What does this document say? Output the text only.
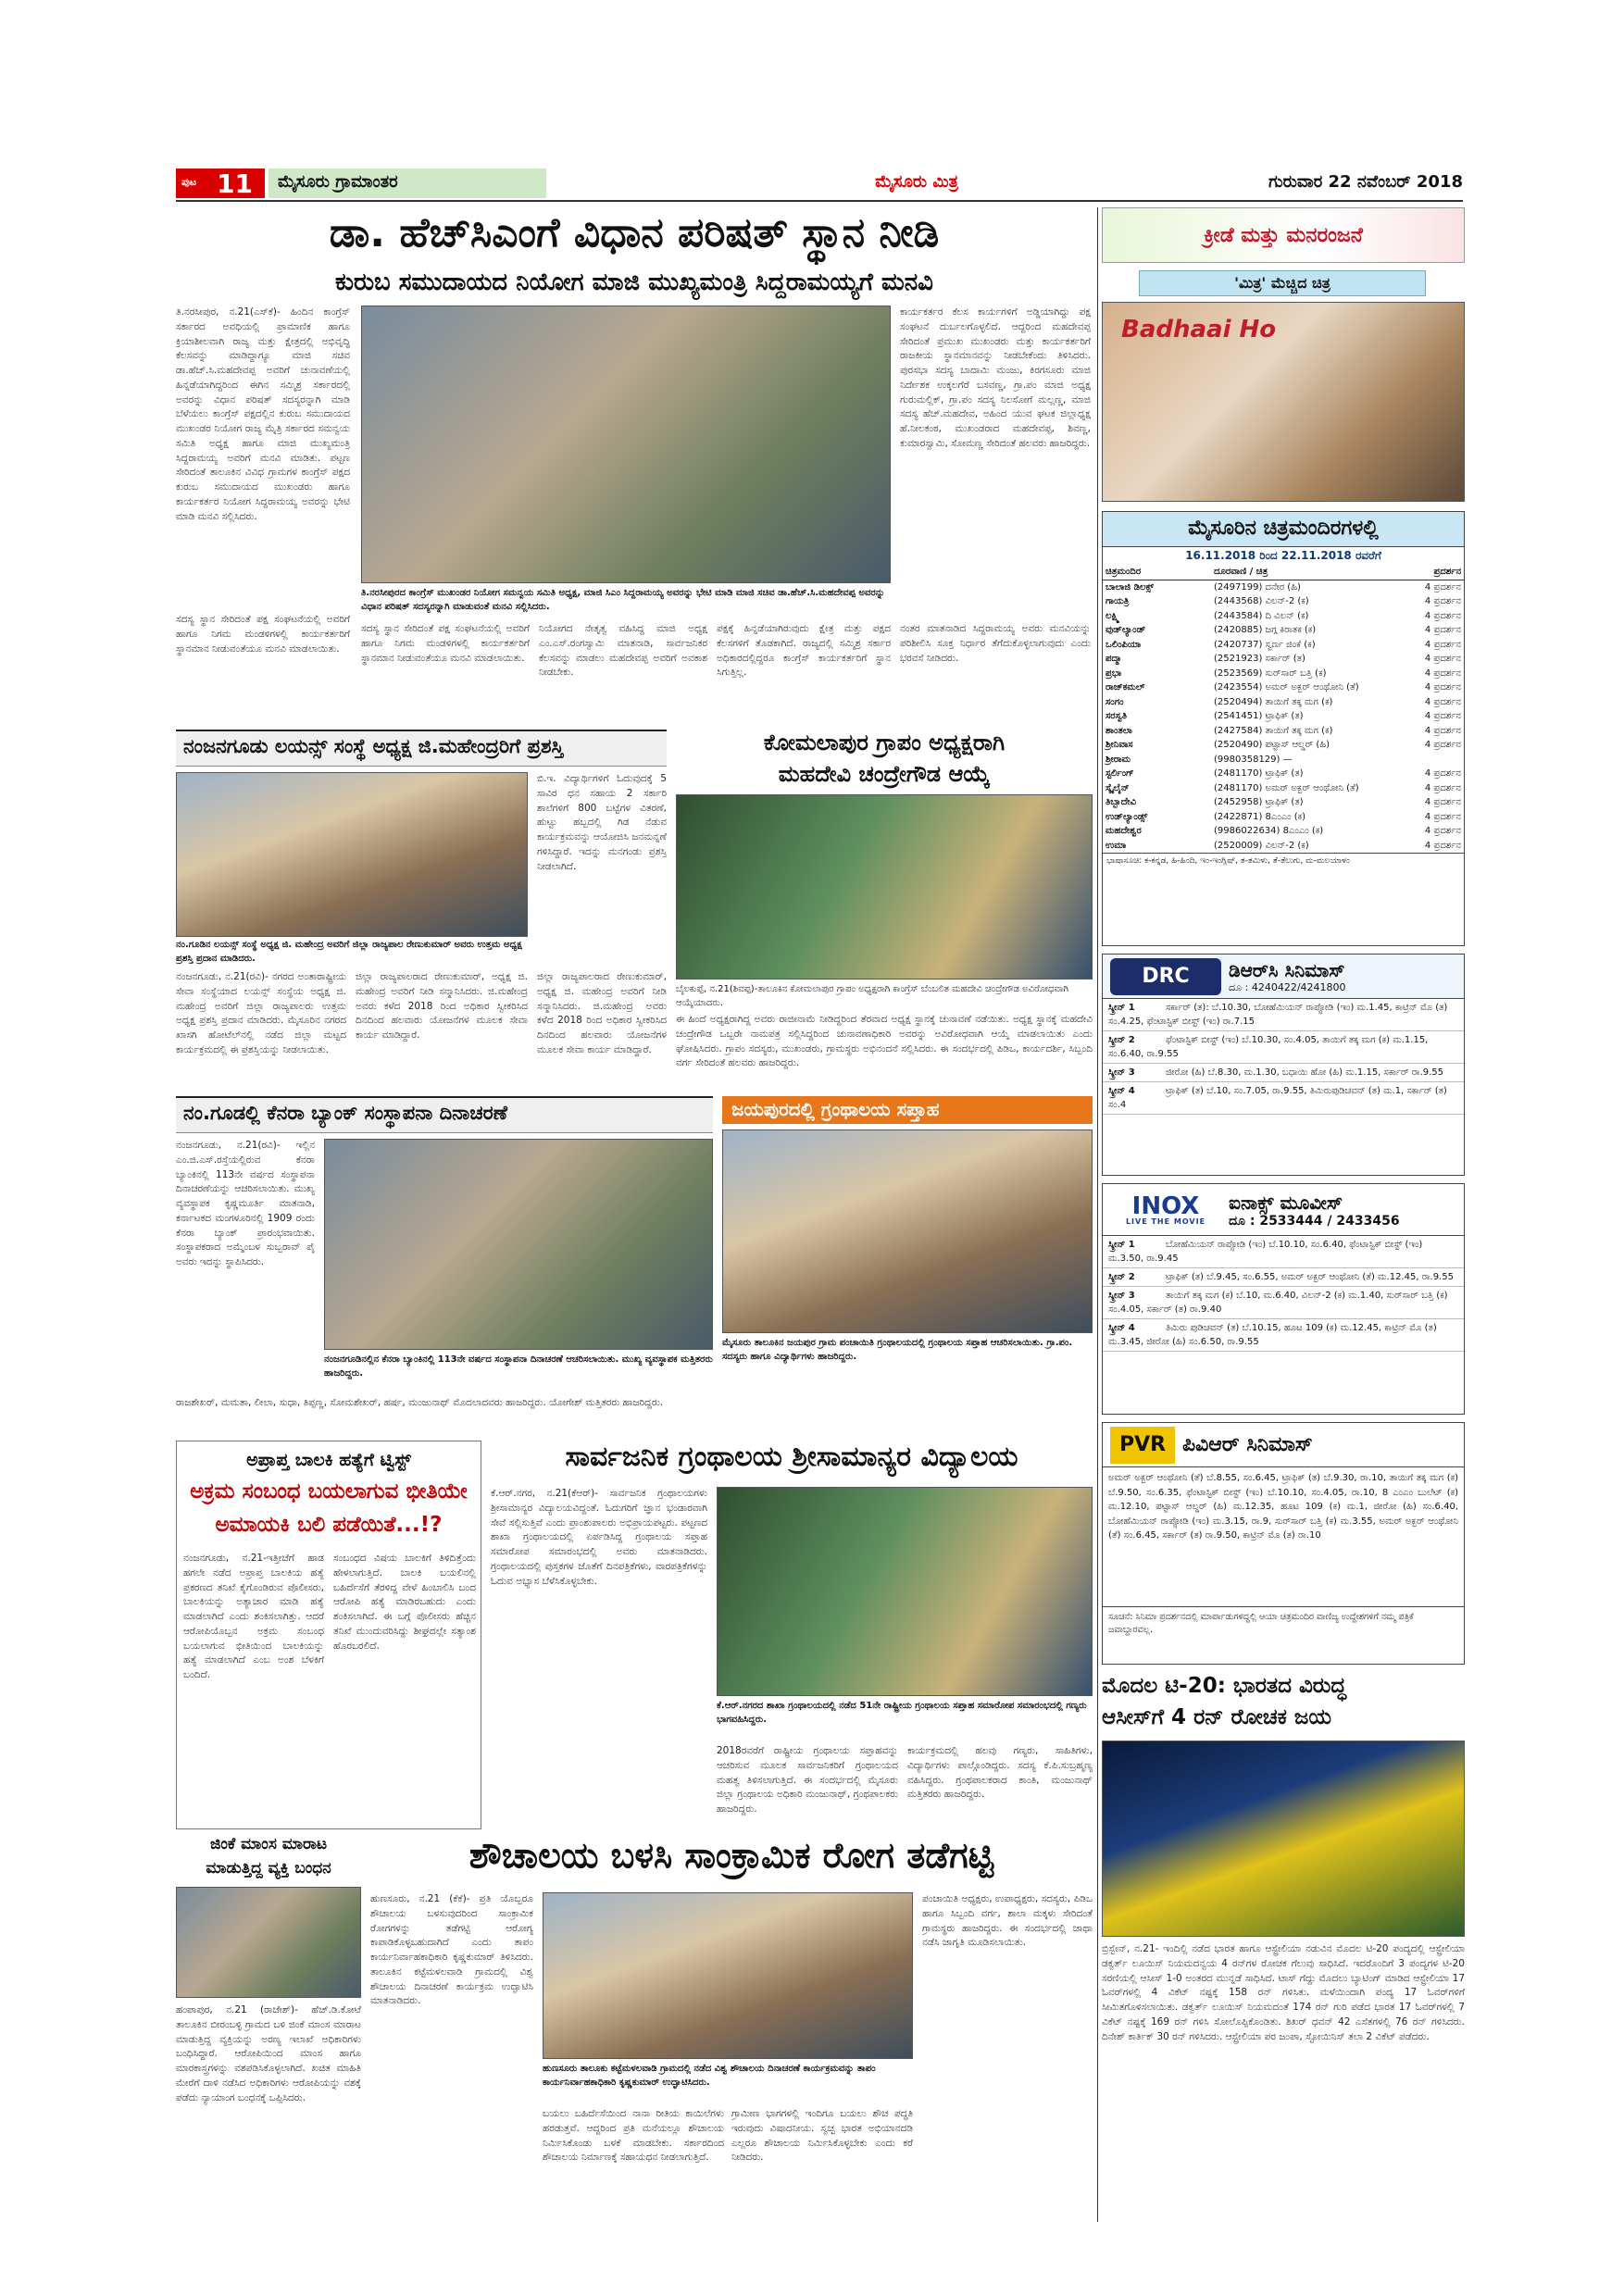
ಪುಟ 11	ಮೈಸೂರು ಗ್ರಾಮಾಂತರ	ಮೈಸೂರು ಮಿತ್ರ	ಗುರುವಾರ 22 ನವೆಂಬರ್ 2018
ಡಾ. ಹೆಚ್‌ಸಿಎಂಗೆ ವಿಧಾನ ಪರಿಷತ್ ಸ್ಥಾನ ನೀಡಿ
ಕುರುಬ ಸಮುದಾಯದ ನಿಯೋಗ ಮಾಜಿ ಮುಖ್ಯಮಂತ್ರಿ ಸಿದ್ದರಾಮಯ್ಯಗೆ ಮನವಿ
ತಿ.ನರಸೀಪುರ, ನ.21(ಎಸ್‌ಕೆ)- ಹಿಂದಿನ ಕಾಂಗ್ರೆಸ್ ಸರ್ಕಾರದ ಅವಧಿಯಲ್ಲಿ ಪ್ರಾಮಾಣಿಕ ಹಾಗೂ ಕ್ರಿಯಾಶೀಲವಾಗಿ ರಾಜ್ಯ ಮತ್ತು ಕ್ಷೇತ್ರದಲ್ಲಿ ಅಭಿವೃದ್ಧಿ ಕೆಲಸವನ್ನು ಮಾಡಿದ್ದಾಗ್ಯೂ ಮಾಜಿ ಸಚಿವ ಡಾ.ಹೆಚ್.ಸಿ.ಮಹದೇವಪ್ಪ ಅವರಿಗೆ ಚುನಾವಣೆಯಲ್ಲಿ ಹಿನ್ನಡೆಯಾಗಿದ್ದರಿಂದ ಈಗಿನ ಸಮ್ಮಿಶ್ರ ಸರ್ಕಾರದಲ್ಲಿ ಅವರನ್ನು ವಿಧಾನ ಪರಿಷತ್ ಸದಸ್ಯರನ್ನಾಗಿ ಮಾಡಿ ಬೆಳೆಯಲು ಕಾಂಗ್ರೆಸ್ ಪಕ್ಷದಲ್ಲಿನ ಕುರುಬ ಸಮುದಾಯದ ಮುಖಂಡರ ನಿಯೋಗ ರಾಜ್ಯ ಮೈತ್ರಿ ಸರ್ಕಾರದ ಸಮನ್ವಯ ಸಮಿತಿ ಅಧ್ಯಕ್ಷ ಹಾಗೂ ಮಾಜಿ ಮುಖ್ಯಮಂತ್ರಿ ಸಿದ್ದರಾಮಯ್ಯ ಅವರಿಗೆ ಮನವಿ ಮಾಡಿತು. ಪಟ್ಟಣ ಸೇರಿದಂತೆ ತಾಲೂಕಿನ ವಿವಿಧ ಗ್ರಾಮಗಳ ಕಾಂಗ್ರೆಸ್ ಪಕ್ಷದ ಕುರುಬ ಸಮುದಾಯದ ಮುಖಂಡರು ಹಾಗೂ ಕಾರ್ಯಕರ್ತರ ನಿಯೋಗ ಸಿದ್ದರಾಮಯ್ಯ ಅವರನ್ನು ಭೇಟಿ ಮಾಡಿ ಮನವಿ ಸಲ್ಲಿಸಿದರು.
ತಿ.ನರಸೀಪುರದ ಕಾಂಗ್ರೆಸ್ ಮುಖಂಡರ ನಿಯೋಗ ಸಮನ್ವಯ ಸಮಿತಿ ಅಧ್ಯಕ್ಷ, ಮಾಜಿ ಸಿಎಂ ಸಿದ್ದರಾಮಯ್ಯ ಅವರನ್ನು ಭೇಟಿ ಮಾಡಿ ಮಾಜಿ ಸಚಿವ ಡಾ.ಹೆಚ್.ಸಿ.ಮಹದೇವಪ್ಪ ಅವರನ್ನು ವಿಧಾನ ಪರಿಷತ್ ಸದಸ್ಯರನ್ನಾಗಿ ಮಾಡುವಂತೆ ಮನವಿ ಸಲ್ಲಿಸಿದರು.
ಕಾರ್ಯಕರ್ತರ ಕೆಲಸ ಕಾರ್ಯಗಳಿಗೆ ಅಡ್ಡಿಯಾಗಿದ್ದು ಪಕ್ಷ ಸಂಘಟನೆ ದುರ್ಬಲಗೊಳ್ಳಲಿದೆ. ಆದ್ದರಿಂದ ಮಹದೇವಪ್ಪ ಸೇರಿದಂತೆ ಪ್ರಮುಖ ಮುಖಂಡರು ಮತ್ತು ಕಾರ್ಯಕರ್ತರಿಗೆ ರಾಜಕೀಯ ಸ್ಥಾನಮಾನವನ್ನು ನೀಡಬೇಕೆಂದು ತಿಳಿಸಿದರು. ಪುರಸಭಾ ಸದಸ್ಯ ಬಾದಾಮಿ ಮಂಜು, ಕಿರಗಸೂರು ಮಾಜಿ ನಿರ್ದೇಶಕ ಉಕ್ಕಲಗೆರೆ ಬಸವಣ್ಣ, ಗ್ರಾ.ಪಂ ಮಾಜಿ ಅಧ್ಯಕ್ಷ ಗುರುಮಲ್ಲಿಕ್, ಗ್ರಾ.ಪಂ ಸದಸ್ಯ ನಿಲಸೋಗೆ ಮಲ್ಲಣ್ಣ, ಮಾಜಿ ಸದಸ್ಯ ಹೆಚ್.ಮಹದೇವ, ಅಹಿಂದ ಯುವ ಘಟಕ ಜಿಲ್ಲಾಧ್ಯಕ್ಷ ಹೆ.ನೀಲಕಂಠ, ಮುಖಂಡರಾದ ಮಹದೇವಪ್ಪ, ಶಿವಣ್ಣ, ಕುಮಾರಸ್ವಾಮಿ, ಸೋಮಣ್ಣ ಸೇರಿದಂತೆ ಹಲವರು ಹಾಜರಿದ್ದರು.
ಸದಸ್ಯ ಸ್ಥಾನ ಸೇರಿದಂತೆ ಪಕ್ಷ ಸಂಘಟನೆಯಲ್ಲಿ ಅವರಿಗೆ ಹಾಗೂ ನಿಗಮ ಮಂಡಳಿಗಳಲ್ಲಿ ಕಾರ್ಯಕರ್ತರಿಗೆ ಸ್ಥಾನಮಾನ ನೀಡುವಂತೆಯೂ ಮನವಿ ಮಾಡಲಾಯಿತು.
ಸದಸ್ಯ ಸ್ಥಾನ ಸೇರಿದಂತೆ ಪಕ್ಷ ಸಂಘಟನೆಯಲ್ಲಿ ಅವರಿಗೆ ಹಾಗೂ ನಿಗಮ ಮಂಡಳಿಗಳಲ್ಲಿ ಕಾರ್ಯಕರ್ತರಿಗೆ ಸ್ಥಾನಮಾನ ನೀಡುವಂತೆಯೂ ಮನವಿ ಮಾಡಲಾಯಿತು.
ನಿಯೋಗದ ನೇತೃತ್ವ ವಹಿಸಿದ್ದ ಮಾಜಿ ಅಧ್ಯಕ್ಷ ಎಂ.ಎಸ್.ರಂಗಸ್ವಾಮಿ ಮಾತನಾಡಿ, ಸಾರ್ವಜನಿಕರ ಕೆಲಸವನ್ನು ಮಾಡಲು ಮಹದೇವಪ್ಪ ಅವರಿಗೆ ಅವಕಾಶ ನೀಡಬೇಕು.
ಪಕ್ಷಕ್ಕೆ ಹಿನ್ನಡೆಯಾಗಿರುವುದು ಕ್ಷೇತ್ರ ಮತ್ತು ಪಕ್ಷದ ಕೆಲಸಗಳಿಗೆ ತೊಡಕಾಗಿದೆ. ರಾಜ್ಯದಲ್ಲಿ ಸಮ್ಮಿಶ್ರ ಸರ್ಕಾರ ಅಧಿಕಾರದಲ್ಲಿದ್ದರೂ ಕಾಂಗ್ರೆಸ್ ಕಾರ್ಯಕರ್ತರಿಗೆ ಸ್ಥಾನ ಸಿಗುತ್ತಿಲ್ಲ.
ನಂತರ ಮಾತನಾಡಿದ ಸಿದ್ದರಾಮಯ್ಯ ಅವರು ಮನವಿಯನ್ನು ಪರಿಶೀಲಿಸಿ ಸೂಕ್ತ ನಿರ್ಧಾರ ತೆಗೆದುಕೊಳ್ಳಲಾಗುವುದು ಎಂದು ಭರವಸೆ ನೀಡಿದರು.
ನಂಜನಗೂಡು ಲಯನ್ಸ್ ಸಂಸ್ಥೆ ಅಧ್ಯಕ್ಷ ಜಿ.ಮಹೇಂದ್ರರಿಗೆ ಪ್ರಶಸ್ತಿ
ನಂ.ಗೂಡಿನ ಲಯನ್ಸ್ ಸಂಸ್ಥೆ ಅಧ್ಯಕ್ಷ ಜಿ. ಮಹೇಂದ್ರ ಅವರಿಗೆ ಜಿಲ್ಲಾ ರಾಜ್ಯಪಾಲ ರೇಣುಕುಮಾರ್ ಅವರು ಉತ್ತಮ ಅಧ್ಯಕ್ಷ ಪ್ರಶಸ್ತಿ ಪ್ರದಾನ ಮಾಡಿದರು.
ಬಿ.ಇ. ವಿದ್ಯಾರ್ಥಿಗಳಿಗೆ ಓದುವುದಕ್ಕೆ 5 ಸಾವಿರ ಧನ ಸಹಾಯ 2 ಸರ್ಕಾರಿ ಶಾಲೆಗಳಿಗೆ 800 ಬಟ್ಟೆಗಳ ವಿತರಣೆ, ಹುಟ್ಟು ಹಬ್ಬದಲ್ಲಿ ಗಿಡ ನೆಡುವ ಕಾರ್ಯಕ್ರಮವನ್ನು ಆಯೋಜಿಸಿ ಜನಮನ್ನಣೆ ಗಳಿಸಿದ್ದಾರೆ. ಇದನ್ನು ಮನಗಂಡು ಪ್ರಶಸ್ತಿ ನೀಡಲಾಗಿದೆ.
ನಂಜನಗೂಡು, ನ.21(ರವಿ)- ನಗರದ ಅಂತಾರಾಷ್ಟ್ರೀಯ ಸೇವಾ ಸಂಸ್ಥೆಯಾದ ಲಯನ್ಸ್ ಸಂಸ್ಥೆಯ ಅಧ್ಯಕ್ಷ ಜಿ. ಮಹೇಂದ್ರ ಅವರಿಗೆ ಜಿಲ್ಲಾ ರಾಜ್ಯಪಾಲರು ಉತ್ತಮ ಅಧ್ಯಕ್ಷ ಪ್ರಶಸ್ತಿ ಪ್ರದಾನ ಮಾಡಿದರು. ಮೈಸೂರಿನ ನಗರದ ಖಾಸಗಿ ಹೋಟೆಲ್‌ನಲ್ಲಿ ನಡೆದ ಜಿಲ್ಲಾ ಮಟ್ಟದ ಕಾರ್ಯಕ್ರಮದಲ್ಲಿ ಈ ಪ್ರಶಸ್ತಿಯನ್ನು ನೀಡಲಾಯಿತು.
ಜಿಲ್ಲಾ ರಾಜ್ಯಪಾಲರಾದ ರೇಣುಕುಮಾರ್, ಅಧ್ಯಕ್ಷ ಜಿ. ಮಹೇಂದ್ರ ಅವರಿಗೆ ನೀಡಿ ಸನ್ಮಾನಿಸಿದರು. ಜಿ.ಮಹೇಂದ್ರ ಅವರು ಕಳೆದ 2018 ರಿಂದ ಅಧಿಕಾರ ಸ್ವೀಕರಿಸಿದ ದಿನದಿಂದ ಹಲವಾರು ಯೋಜನೆಗಳ ಮೂಲಕ ಸೇವಾ ಕಾರ್ಯ ಮಾಡಿದ್ದಾರೆ.
ಜಿಲ್ಲಾ ರಾಜ್ಯಪಾಲರಾದ ರೇಣುಕುಮಾರ್, ಅಧ್ಯಕ್ಷ ಜಿ. ಮಹೇಂದ್ರ ಅವರಿಗೆ ನೀಡಿ ಸನ್ಮಾನಿಸಿದರು. ಜಿ.ಮಹೇಂದ್ರ ಅವರು ಕಳೆದ 2018 ರಿಂದ ಅಧಿಕಾರ ಸ್ವೀಕರಿಸಿದ ದಿನದಿಂದ ಹಲವಾರು ಯೋಜನೆಗಳ ಮೂಲಕ ಸೇವಾ ಕಾರ್ಯ ಮಾಡಿದ್ದಾರೆ.
ಕೋಮಲಾಪುರ ಗ್ರಾಪಂ ಅಧ್ಯಕ್ಷರಾಗಿ
ಮಹದೇವಿ ಚಂದ್ರೇಗೌಡ ಆಯ್ಕೆ
ಬೈಲಕುಪ್ಪೆ, ನ.21(ಶಿವಪ್ಪ)-ತಾಲೂಕಿನ ಕೋಮಲಾಪುರ ಗ್ರಾಪಂ ಅಧ್ಯಕ್ಷರಾಗಿ ಕಾಂಗ್ರೆಸ್ ಬೆಂಬಲಿತ ಮಹದೇವಿ ಚಂದ್ರೇಗೌಡ ಅವಿರೋಧವಾಗಿ ಆಯ್ಕೆಯಾದರು.
ಈ ಹಿಂದೆ ಅಧ್ಯಕ್ಷರಾಗಿದ್ದ ಅವರು ರಾಜೀನಾಮೆ ನೀಡಿದ್ದರಿಂದ ತೆರವಾದ ಅಧ್ಯಕ್ಷ ಸ್ಥಾನಕ್ಕೆ ಚುನಾವಣೆ ನಡೆಯಿತು. ಅಧ್ಯಕ್ಷ ಸ್ಥಾನಕ್ಕೆ ಮಹದೇವಿ ಚಂದ್ರೇಗೌಡ ಒಬ್ಬರೇ ನಾಮಪತ್ರ ಸಲ್ಲಿಸಿದ್ದರಿಂದ ಚುನಾವಣಾಧಿಕಾರಿ ಅವರನ್ನು ಅವಿರೋಧವಾಗಿ ಆಯ್ಕೆ ಮಾಡಲಾಯಿತು ಎಂದು ಘೋಷಿಸಿದರು. ಗ್ರಾಪಂ ಸದಸ್ಯರು, ಮುಖಂಡರು, ಗ್ರಾಮಸ್ಥರು ಅಭಿನಂದನೆ ಸಲ್ಲಿಸಿದರು. ಈ ಸಂದರ್ಭದಲ್ಲಿ ಪಿಡಿಒ, ಕಾರ್ಯದರ್ಶಿ, ಸಿಬ್ಬಂದಿ ವರ್ಗ ಸೇರಿದಂತೆ ಹಲವರು ಹಾಜರಿದ್ದರು.
ನಂ.ಗೂಡಲ್ಲಿ ಕೆನರಾ ಬ್ಯಾಂಕ್ ಸಂಸ್ಥಾಪನಾ ದಿನಾಚರಣೆ
ನಂಜನಗೂಡು, ನ.21(ರವಿ)- ಇಲ್ಲಿನ ಎಂ.ಜಿ.ಎಸ್.ರಸ್ತೆಯಲ್ಲಿರುವ ಕೆನರಾ ಬ್ಯಾಂಕಿನಲ್ಲಿ 113ನೇ ವರ್ಷದ ಸಂಸ್ಥಾಪನಾ ದಿನಾಚರಣೆಯನ್ನು ಆಚರಿಸಲಾಯಿತು. ಮುಖ್ಯ ವ್ಯವಸ್ಥಾಪಕ ಕೃಷ್ಣಮೂರ್ತಿ ಮಾತನಾಡಿ, ಕರ್ನಾಟಕದ ಮಂಗಳೂರಿನಲ್ಲಿ 1909 ರಂದು ಕೆನರಾ ಬ್ಯಾಂಕ್ ಪ್ರಾರಂಭವಾಯಿತು. ಸಂಸ್ಥಾಪಕರಾದ ಅಮ್ಮೆಂಬಳ ಸುಬ್ಬರಾವ್ ಪೈ ಅವರು ಇದನ್ನು ಸ್ಥಾಪಿಸಿದರು.
ನಂಜನಗೂಡಿನಲ್ಲಿನ ಕೆನರಾ ಬ್ಯಾಂಕಿನಲ್ಲಿ 113ನೇ ವರ್ಷದ ಸಂಸ್ಥಾಪನಾ ದಿನಾಚರಣೆ ಆಚರಿಸಲಾಯಿತು. ಮುಖ್ಯ ವ್ಯವಸ್ಥಾಪಕ ಮತ್ತಿತರರು ಹಾಜರಿದ್ದರು.
ರಾಜಶೇಖರ್, ಮಮತಾ, ಲೀಲಾ, ಸುಧಾ, ತಿಪ್ಪಣ್ಣ, ಸೋಮಶೇಖರ್, ಹರ್ಷ, ಮಂಜುನಾಥ್ ಮೊದಲಾದವರು ಹಾಜರಿದ್ದರು. ಯೋಗೇಶ್ ಮತ್ತಿತರರು ಹಾಜರಿದ್ದರು.
ಜಯಪುರದಲ್ಲಿ ಗ್ರಂಥಾಲಯ ಸಪ್ತಾಹ
ಮೈಸೂರು ತಾಲೂಕಿನ ಜಯಪುರ ಗ್ರಾಮ ಪಂಚಾಯಿತಿ ಗ್ರಂಥಾಲಯದಲ್ಲಿ ಗ್ರಂಥಾಲಯ ಸಪ್ತಾಹ ಆಚರಿಸಲಾಯಿತು. ಗ್ರಾ.ಪಂ. ಸದಸ್ಯರು ಹಾಗೂ ವಿದ್ಯಾರ್ಥಿಗಳು ಹಾಜರಿದ್ದರು.
ಸಾರ್ವಜನಿಕ ಗ್ರಂಥಾಲಯ ಶ್ರೀಸಾಮಾನ್ಯರ ವಿದ್ಯಾಲಯ
ಕೆ.ಆರ್.ನಗರ, ನ.21(ಕೆಆರ್)- ಸಾರ್ವಜನಿಕ ಗ್ರಂಥಾಲಯಗಳು ಶ್ರೀಸಾಮಾನ್ಯರ ವಿದ್ಯಾಲಯವಿದ್ದಂತೆ. ಓದುಗರಿಗೆ ಜ್ಞಾನ ಭಂಡಾರವಾಗಿ ಸೇವೆ ಸಲ್ಲಿಸುತ್ತಿವೆ ಎಂದು ಪ್ರಾಂಶುಪಾಲರು ಅಭಿಪ್ರಾಯಪಟ್ಟರು. ಪಟ್ಟಣದ ಶಾಖಾ ಗ್ರಂಥಾಲಯದಲ್ಲಿ ಏರ್ಪಡಿಸಿದ್ದ ಗ್ರಂಥಾಲಯ ಸಪ್ತಾಹ ಸಮಾರೋಪ ಸಮಾರಂಭದಲ್ಲಿ ಅವರು ಮಾತನಾಡಿದರು. ಗ್ರಂಥಾಲಯದಲ್ಲಿ ಪುಸ್ತಕಗಳ ಜೊತೆಗೆ ದಿನಪತ್ರಿಕೆಗಳು, ವಾರಪತ್ರಿಕೆಗಳನ್ನು ಓದುವ ಅಭ್ಯಾಸ ಬೆಳೆಸಿಕೊಳ್ಳಬೇಕು.
ಕೆ.ಆರ್.ನಗರದ ಶಾಖಾ ಗ್ರಂಥಾಲಯದಲ್ಲಿ ನಡೆದ 51ನೇ ರಾಷ್ಟ್ರೀಯ ಗ್ರಂಥಾಲಯ ಸಪ್ತಾಹ ಸಮಾರೋಪ ಸಮಾರಂಭದಲ್ಲಿ ಗಣ್ಯರು ಭಾಗವಹಿಸಿದ್ದರು.
2018ರವರೆಗೆ ರಾಷ್ಟ್ರೀಯ ಗ್ರಂಥಾಲಯ ಸಪ್ತಾಹವನ್ನು ಆಚರಿಸುವ ಮೂಲಕ ಸಾರ್ವಜನಿಕರಿಗೆ ಗ್ರಂಥಾಲಯದ ಮಹತ್ವ ತಿಳಿಸಲಾಗುತ್ತಿದೆ. ಈ ಸಂದರ್ಭದಲ್ಲಿ ಮೈಸೂರು ಜಿಲ್ಲಾ ಗ್ರಂಥಾಲಯ ಅಧಿಕಾರಿ ಮಂಜುನಾಥ್, ಗ್ರಂಥಪಾಲಕರು ಹಾಜರಿದ್ದರು.
ಕಾರ್ಯಕ್ರಮದಲ್ಲಿ ಹಲವು ಗಣ್ಯರು, ಸಾಹಿತಿಗಳು, ವಿದ್ಯಾರ್ಥಿಗಳು ಪಾಲ್ಗೊಂಡಿದ್ದರು. ಸದಸ್ಯ ಕೆ.ಪಿ.ಸುಬ್ರಹ್ಮಣ್ಯ ವಹಿಸಿದ್ದರು. ಗ್ರಂಥಪಾಲಕರಾದ ಕಾಂತಿ, ಮಂಜುನಾಥ್ ಮತ್ತಿತರರು ಹಾಜರಿದ್ದರು.
ಅಪ್ರಾಪ್ತ ಬಾಲಕಿ ಹತ್ಯೆಗೆ ಟ್ವಿಸ್ಟ್
ಅಕ್ರಮ ಸಂಬಂಧ ಬಯಲಾಗುವ ಭೀತಿಯೇ
ಅಮಾಯಕಿ ಬಲಿ ಪಡೆಯಿತೆ...!?
ನಂಜನಗೂಡು, ನ.21-ಇತ್ತೀಚೆಗೆ ಹಾಡ ಹಗಲೇ ನಡೆದ ಅಪ್ರಾಪ್ತ ಬಾಲಕಿಯ ಹತ್ಯೆ ಪ್ರಕರಣದ ತನಿಖೆ ಕೈಗೊಂಡಿರುವ ಪೊಲೀಸರು, ಬಾಲಕಿಯನ್ನು ಅತ್ಯಾಚಾರ ಮಾಡಿ ಹತ್ಯೆ ಮಾಡಲಾಗಿದೆ ಎಂದು ಶಂಕಿಸಲಾಗಿತ್ತು. ಆದರೆ ಆರೋಪಿಯೊಬ್ಬನ ಅಕ್ರಮ ಸಂಬಂಧ ಬಯಲಾಗುವ ಭೀತಿಯಿಂದ ಬಾಲಕಿಯನ್ನು ಹತ್ಯೆ ಮಾಡಲಾಗಿದೆ ಎಂಬ ಅಂಶ ಬೆಳಕಿಗೆ ಬಂದಿದೆ.
ಸಂಬಂಧದ ವಿಷಯ ಬಾಲಕಿಗೆ ತಿಳಿದಿತ್ತೆಂದು ಹೇಳಲಾಗುತ್ತಿದೆ. ಬಾಲಕಿ ಬಯಲಿನಲ್ಲಿ ಬಹಿರ್ದೆಸೆಗೆ ತೆರಳಿದ್ದ ವೇಳೆ ಹಿಂಬಾಲಿಸಿ ಬಂದ ಆರೋಪಿ ಹತ್ಯೆ ಮಾಡಿರಬಹುದು ಎಂದು ಶಂಕಿಸಲಾಗಿದೆ. ಈ ಬಗ್ಗೆ ಪೊಲೀಸರು ಹೆಚ್ಚಿನ ತನಿಖೆ ಮುಂದುವರಿಸಿದ್ದು ಶೀಘ್ರದಲ್ಲೇ ಸತ್ಯಾಂಶ ಹೊರಬರಲಿದೆ.
ಜಿಂಕೆ ಮಾಂಸ ಮಾರಾಟ
ಮಾಡುತ್ತಿದ್ದ ವ್ಯಕ್ತಿ ಬಂಧನ
ಹಂಪಾಪುರ, ನ.21 (ರಾಜೇಶ್)- ಹೆಚ್.ಡಿ.ಕೋಟೆ ತಾಲೂಕಿನ ಬೀರಂಬಳ್ಳಿ ಗ್ರಾಮದ ಬಳಿ ಜಿಂಕೆ ಮಾಂಸ ಮಾರಾಟ ಮಾಡುತ್ತಿದ್ದ ವ್ಯಕ್ತಿಯನ್ನು ಅರಣ್ಯ ಇಲಾಖೆ ಅಧಿಕಾರಿಗಳು ಬಂಧಿಸಿದ್ದಾರೆ. ಆರೋಪಿಯಿಂದ ಮಾಂಸ ಹಾಗೂ ಮಾರಕಾಸ್ತ್ರಗಳನ್ನು ವಶಪಡಿಸಿಕೊಳ್ಳಲಾಗಿದೆ. ಖಚಿತ ಮಾಹಿತಿ ಮೇರೆಗೆ ದಾಳಿ ನಡೆಸಿದ ಅಧಿಕಾರಿಗಳು ಆರೋಪಿಯನ್ನು ವಶಕ್ಕೆ ಪಡೆದು ನ್ಯಾಯಾಂಗ ಬಂಧನಕ್ಕೆ ಒಪ್ಪಿಸಿದರು.
ಶೌಚಾಲಯ ಬಳಸಿ ಸಾಂಕ್ರಾಮಿಕ ರೋಗ ತಡೆಗಟ್ಟಿ
ಹುಣಸೂರು, ನ.21 (ಕೆಕೆ)- ಪ್ರತಿ ಯೊಬ್ಬರೂ ಶೌಚಾಲಯ ಬಳಸುವುದರಿಂದ ಸಾಂಕ್ರಾಮಿಕ ರೋಗಗಳನ್ನು ತಡೆಗಟ್ಟಿ ಆರೋಗ್ಯ ಕಾಪಾಡಿಕೊಳ್ಳಬಹುದಾಗಿದೆ ಎಂದು ತಾಪಂ ಕಾರ್ಯನಿರ್ವಾಹಕಾಧಿಕಾರಿ ಕೃಷ್ಣಕುಮಾರ್ ತಿಳಿಸಿದರು. ತಾಲೂಕಿನ ಕಟ್ಟೆಮಳಲವಾಡಿ ಗ್ರಾಮದಲ್ಲಿ ವಿಶ್ವ ಶೌಚಾಲಯ ದಿನಾಚರಣೆ ಕಾರ್ಯಕ್ರಮ ಉದ್ಘಾಟಿಸಿ ಮಾತನಾಡಿದರು.
ಹುಣಸೂರು ತಾಲೂಕು ಕಟ್ಟೆಮಳಲವಾಡಿ ಗ್ರಾಮದಲ್ಲಿ ನಡೆದ ವಿಶ್ವ ಶೌಚಾಲಯ ದಿನಾಚರಣೆ ಕಾರ್ಯಕ್ರಮವನ್ನು ತಾಪಂ ಕಾರ್ಯನಿರ್ವಾಹಕಾಧಿಕಾರಿ ಕೃಷ್ಣಕುಮಾರ್ ಉದ್ಘಾಟಿಸಿದರು.
ಬಯಲು ಬಹಿರ್ದೆಸೆಯಿಂದ ನಾನಾ ರೀತಿಯ ಕಾಯಿಲೆಗಳು ಹರಡುತ್ತವೆ. ಆದ್ದರಿಂದ ಪ್ರತಿ ಮನೆಯಲ್ಲೂ ಶೌಚಾಲಯ ನಿರ್ಮಿಸಿಕೊಂಡು ಬಳಕೆ ಮಾಡಬೇಕು. ಸರ್ಕಾರದಿಂದ ಶೌಚಾಲಯ ನಿರ್ಮಾಣಕ್ಕೆ ಸಹಾಯಧನ ನೀಡಲಾಗುತ್ತಿದೆ.
ಗ್ರಾಮೀಣ ಭಾಗಗಳಲ್ಲಿ ಇಂದಿಗೂ ಬಯಲು ಶೌಚ ಪದ್ಧತಿ ಇರುವುದು ವಿಷಾದನೀಯ. ಸ್ವಚ್ಛ ಭಾರತ ಅಭಿಯಾನದಡಿ ಎಲ್ಲರೂ ಶೌಚಾಲಯ ನಿರ್ಮಿಸಿಕೊಳ್ಳಬೇಕು ಎಂದು ಕರೆ ನೀಡಿದರು.
ಪಂಚಾಯಿತಿ ಅಧ್ಯಕ್ಷರು, ಉಪಾಧ್ಯಕ್ಷರು, ಸದಸ್ಯರು, ಪಿಡಿಒ ಹಾಗೂ ಸಿಬ್ಬಂದಿ ವರ್ಗ, ಶಾಲಾ ಮಕ್ಕಳು ಸೇರಿದಂತೆ ಗ್ರಾಮಸ್ಥರು ಹಾಜರಿದ್ದರು. ಈ ಸಂದರ್ಭದಲ್ಲಿ ಜಾಥಾ ನಡೆಸಿ ಜಾಗೃತಿ ಮೂಡಿಸಲಾಯಿತು.
ಕ್ರೀಡೆ ಮತ್ತು ಮನರಂಜನೆ
'ಮಿತ್ರ' ಮೆಚ್ಚಿದ ಚಿತ್ರ
Badhaai Ho
ಮೈಸೂರಿನ ಚಿತ್ರಮಂದಿರಗಳಲ್ಲಿ
16.11.2018 ರಿಂದ 22.11.2018 ರವರೆಗೆ
ಚಿತ್ರಮಂದಿರ	ದೂರವಾಣಿ / ಚಿತ್ರ	ಪ್ರದರ್ಶನ
ಬಾಲಾಜಿ ಡಿಲಕ್ಸ್	(2497199) ದನೇರ (ಹಿ)	4 ಪ್ರದರ್ಶನ
ಗಾಯತ್ರಿ	(2443568) ವಿಲನ್-2 (ಕ)	4 ಪ್ರದರ್ಶನ
ಲಕ್ಷ್ಮಿ	(2443584) ದಿ ವಿಲನ್ (ಕ)	4 ಪ್ರದರ್ಶನ
ವುಡ್‌ಲ್ಯಾಂಡ್	(2420885) ಜಗ್ಗ ಕಿರಾತಕ (ಕ)	4 ಪ್ರದರ್ಶನ
ಒಲಿಂಪಿಯಾ	(2420737) ಸ್ವರ್ಣ ಜಿಂಕೆ (ಕ)	4 ಪ್ರದರ್ಶನ
ಪದ್ಮಾ	(2521923) ಸರ್ಕಾರ್ (ತ)	4 ಪ್ರದರ್ಶನ
ಪ್ರಭಾ	(2523569) ಸುರ್‌ಸಾರ್ ಬತ್ತಿ (ಕ)	4 ಪ್ರದರ್ಶನ
ರಾಜ್‌ಕಮಲ್	(2423554) ಅಮರ್ ಅಕ್ಬರ್ ಆಂಥೋನಿ (ತೆ)	4 ಪ್ರದರ್ಶನ
ಸಂಗಂ	(2520494) ತಾಯಿಗೆ ತಕ್ಕ ಮಗ (ಕ)	4 ಪ್ರದರ್ಶನ
ಸರಸ್ವತಿ	(2541451) ಟ್ರಾಫಿಕ್ (ತ)	4 ಪ್ರದರ್ಶನ
ಶಾಂತಲಾ	(2427584) ತಾಯಿಗೆ ತಕ್ಕ ಮಗ (ಕ)	4 ಪ್ರದರ್ಶನ
ಶ್ರೀನಿವಾಸ	(2520490) ಪಟ್ಟಾಸ್ ಆಲ್ಡರ್ (ಹಿ)	4 ಪ್ರದರ್ಶನ
ಶ್ರೀರಾಮ	(9980358129) —	
ಸ್ಟರ್ಲಿಂಗ್	(2481170) ಟ್ರಾಫಿಕ್ (ತ)	4 ಪ್ರದರ್ಶನ
ಸ್ಕೈಲೈನ್	(2481170) ಅಮರ್ ಅಕ್ಬರ್ ಆಂಥೋನಿ (ತೆ)	4 ಪ್ರದರ್ಶನ
ತಿಬ್ಬಾದೇವಿ	(2452958) ಟ್ರಾಫಿಕ್ (ತ)	4 ಪ್ರದರ್ಶನ
ಉಡ್‌ಲ್ಯಾಂಡ್ಸ್	(2422871) 8ಎಂಎಂ (ಕ)	4 ಪ್ರದರ್ಶನ
ಮಹದೇಶ್ವರ	(9986022634) 8ಎಂಎಂ (ಕ)	4 ಪ್ರದರ್ಶನ
ಉಮಾ	(2520009) ವಿಲನ್-2 (ಕ)	4 ಪ್ರದರ್ಶನ
ಭಾಷಾಸೂಚಿ: ಕ-ಕನ್ನಡ, ಹಿ-ಹಿಂದಿ, ಇಂ-ಇಂಗ್ಲಿಷ್, ತ-ತಮಿಳು, ತೆ-ತೆಲುಗು, ಮ-ಮಲಯಾಳಂ
DRC	ಡಿಆರ್‌ಸಿ ಸಿನಿಮಾಸ್
ದೂ : 4240422/4241800
ಸ್ಕ್ರೀನ್ 1	ಸರ್ಕಾರ್ (ತ): ಬೆ.10.30, ಬೋಹೆಮಿಯನ್ ರಾಪ್ಸೋಡಿ (ಇಂ) ಮ.1.45, ಕಾಟ್ರಿನ್ ಮೊ (ತ) ಸಂ.4.25, ಫೆಂಟಾಸ್ಟಿಕ್ ಬೀಸ್ಟ್ (ಇಂ) ರಾ.7.15
ಸ್ಕ್ರೀನ್ 2	ಫೆಂಟಾಸ್ಟಿಕ್ ಬೀಸ್ಟ್ (ಇಂ) ಬೆ.10.30, ಸಂ.4.05, ತಾಯಿಗೆ ತಕ್ಕ ಮಗ (ಕ) ಮ.1.15, ಸಂ.6.40, ರಾ.9.55
ಸ್ಕ್ರೀನ್ 3	ಜೀರೋ (ಹಿ) ಬೆ.8.30, ಮ.1.30, ಬಧಾಯಿ ಹೋ (ಹಿ) ಮ.1.15, ಸರ್ಕಾರ್ ರಾ.9.55
ಸ್ಕ್ರೀನ್ 4	ಟ್ರಾಫಿಕ್ (ತ) ಬೆ.10, ಸಂ.7.05, ರಾ.9.55, ತಿಮಿರುಪುಡಿಚವನ್ (ತ) ಮ.1, ಸರ್ಕಾರ್ (ತ) ಸಂ.4
INOX
LIVE THE MOVIE
ಐನಾಕ್ಸ್ ಮೂವೀಸ್
ದೂ : 2533444 / 2433456
ಸ್ಕ್ರೀನ್ 1	ಬೋಹೆಮಿಯನ್ ರಾಪ್ಸೋಡಿ (ಇಂ) ಬೆ.10.10, ಸಂ.6.40, ಫೆಂಟಾಸ್ಟಿಕ್ ಬೀಸ್ಟ್ (ಇಂ) ಮ.3.50, ರಾ.9.45
ಸ್ಕ್ರೀನ್ 2	ಟ್ರಾಫಿಕ್ (ತ) ಬೆ.9.45, ಸಂ.6.55, ಅಮರ್ ಅಕ್ಬರ್ ಆಂಥೋನಿ (ತೆ) ಮ.12.45, ರಾ.9.55
ಸ್ಕ್ರೀನ್ 3	ತಾಯಿಗೆ ತಕ್ಕ ಮಗ (ಕ) ಬೆ.10, ಮ.6.40, ವಿಲನ್-2 (ಕ) ಮ.1.40, ಸುರ್‌ಸಾರ್ ಬತ್ತಿ (ಕ) ಸಂ.4.05, ಸರ್ಕಾರ್ (ತ) ರಾ.9.40
ಸ್ಕ್ರೀನ್ 4	ತಿಮಿರು ಪುಡಿಚವನ್ (ತ) ಬೆ.10.15, ಹೂಟ 109 (ಕ) ಮ.12.45, ಕಾಟ್ರಿನ್ ಮೊ (ತ) ಮ.3.45, ಜೀರೋ (ಹಿ) ಸಂ.6.50, ರಾ.9.55
PVR ಪಿವಿಆರ್ ಸಿನಿಮಾಸ್
ಅಮರ್ ಅಕ್ಬರ್ ಆಂಥೋನಿ (ತೆ) ಬೆ.8.55, ಸಂ.6.45, ಟ್ರಾಫಿಕ್ (ತ) ಬೆ.9.30, ರಾ.10, ತಾಯಿಗೆ ತಕ್ಕ ಮಗ (ಕ) ಬೆ.9.50, ಸಂ.6.35, ಫೆಂಟಾಸ್ಟಿಕ್ ಬೀಸ್ಟ್ (ಇಂ) ಬೆ.10.10, ಸಂ.4.05, ರಾ.10, 8 ಎಂಎಂ ಬುಲೆಟ್ (ಕ) ಮ.12.10, ಪಟ್ಟಾಸ್ ಆಲ್ಡರ್ (ಹಿ) ಮ.12.35, ಹೂಟ 109 (ಕ) ಮ.1, ಜೀರೋ (ಹಿ) ಸಂ.6.40, ಬೋಹೆಮಿಯನ್ ರಾಪ್ಸೋಡಿ (ಇಂ) ಮ.3.15, ರಾ.9, ಸುರ್‌ಸಾರ್ ಬತ್ತಿ (ಕ) ಮ.3.55, ಅಮರ್ ಅಕ್ಬರ್ ಆಂಥೋನಿ (ತೆ) ಸಂ.6.45, ಸರ್ಕಾರ್ (ತ) ರಾ.9.50, ಕಾಟ್ರಿನ್ ಮೊ (ತ) ರಾ.10
ಸೂಚನೆ: ಸಿನಿಮಾ ಪ್ರದರ್ಶನದಲ್ಲಿ ಮಾರ್ಪಾಡುಗಳಿದ್ದಲ್ಲಿ ಆಯಾ ಚಿತ್ರಮಂದಿರ ವಾಣಿಜ್ಯ ಉದ್ದೇಶಗಳಿಗೆ ನಮ್ಮ ಪತ್ರಿಕೆ ಜವಾಬ್ದಾರವಲ್ಲ.
ಮೊದಲ ಟಿ-20: ಭಾರತದ ವಿರುದ್ಧ
ಆಸೀಸ್‌ಗೆ 4 ರನ್ ರೋಚಕ ಜಯ
ಬ್ರಿಸ್ಬೇನ್, ನ.21- ಇಂದಿಲ್ಲಿ ನಡೆದ ಭಾರತ ಹಾಗೂ ಆಸ್ಟ್ರೇಲಿಯಾ ನಡುವಿನ ಮೊದಲ ಟಿ-20 ಪಂದ್ಯದಲ್ಲಿ ಆಸ್ಟ್ರೇಲಿಯಾ ಡಕ್ವರ್ತ್ ಲೂಯಿಸ್ ನಿಯಮದನ್ವಯ 4 ರನ್‌ಗಳ ರೋಚಕ ಗೆಲುವು ಸಾಧಿಸಿದೆ. ಇದರೊಂದಿಗೆ 3 ಪಂದ್ಯಗಳ ಟಿ-20 ಸರಣಿಯಲ್ಲಿ ಆಸೀಸ್ 1-0 ಅಂತರದ ಮುನ್ನಡೆ ಸಾಧಿಸಿದೆ. ಟಾಸ್ ಗೆದ್ದು ಮೊದಲು ಬ್ಯಾಟಿಂಗ್ ಮಾಡಿದ ಆಸ್ಟ್ರೇಲಿಯಾ 17 ಓವರ್‌ಗಳಲ್ಲಿ 4 ವಿಕೆಟ್ ನಷ್ಟಕ್ಕೆ 158 ರನ್ ಗಳಿಸಿತು. ಮಳೆಯಿಂದಾಗಿ ಪಂದ್ಯ 17 ಓವರ್‌ಗಳಿಗೆ ಸೀಮಿತಗೊಳಿಸಲಾಯಿತು. ಡಕ್ವರ್ತ್ ಲೂಯಿಸ್ ನಿಯಮದಂತೆ 174 ರನ್ ಗುರಿ ಪಡೆದ ಭಾರತ 17 ಓವರ್‌ಗಳಲ್ಲಿ 7 ವಿಕೆಟ್ ನಷ್ಟಕ್ಕೆ 169 ರನ್ ಗಳಿಸಿ ಸೋಲೊಪ್ಪಿಕೊಂಡಿತು. ಶಿಖರ್ ಧವನ್ 42 ಎಸೆತಗಳಲ್ಲಿ 76 ರನ್ ಗಳಿಸಿದರು. ದಿನೇಶ್ ಕಾರ್ತಿಕ್ 30 ರನ್ ಗಳಿಸಿದರು. ಆಸ್ಟ್ರೇಲಿಯಾ ಪರ ಜಂಪಾ, ಸ್ಟೋಯಿನಿಸ್ ತಲಾ 2 ವಿಕೆಟ್ ಪಡೆದರು.
